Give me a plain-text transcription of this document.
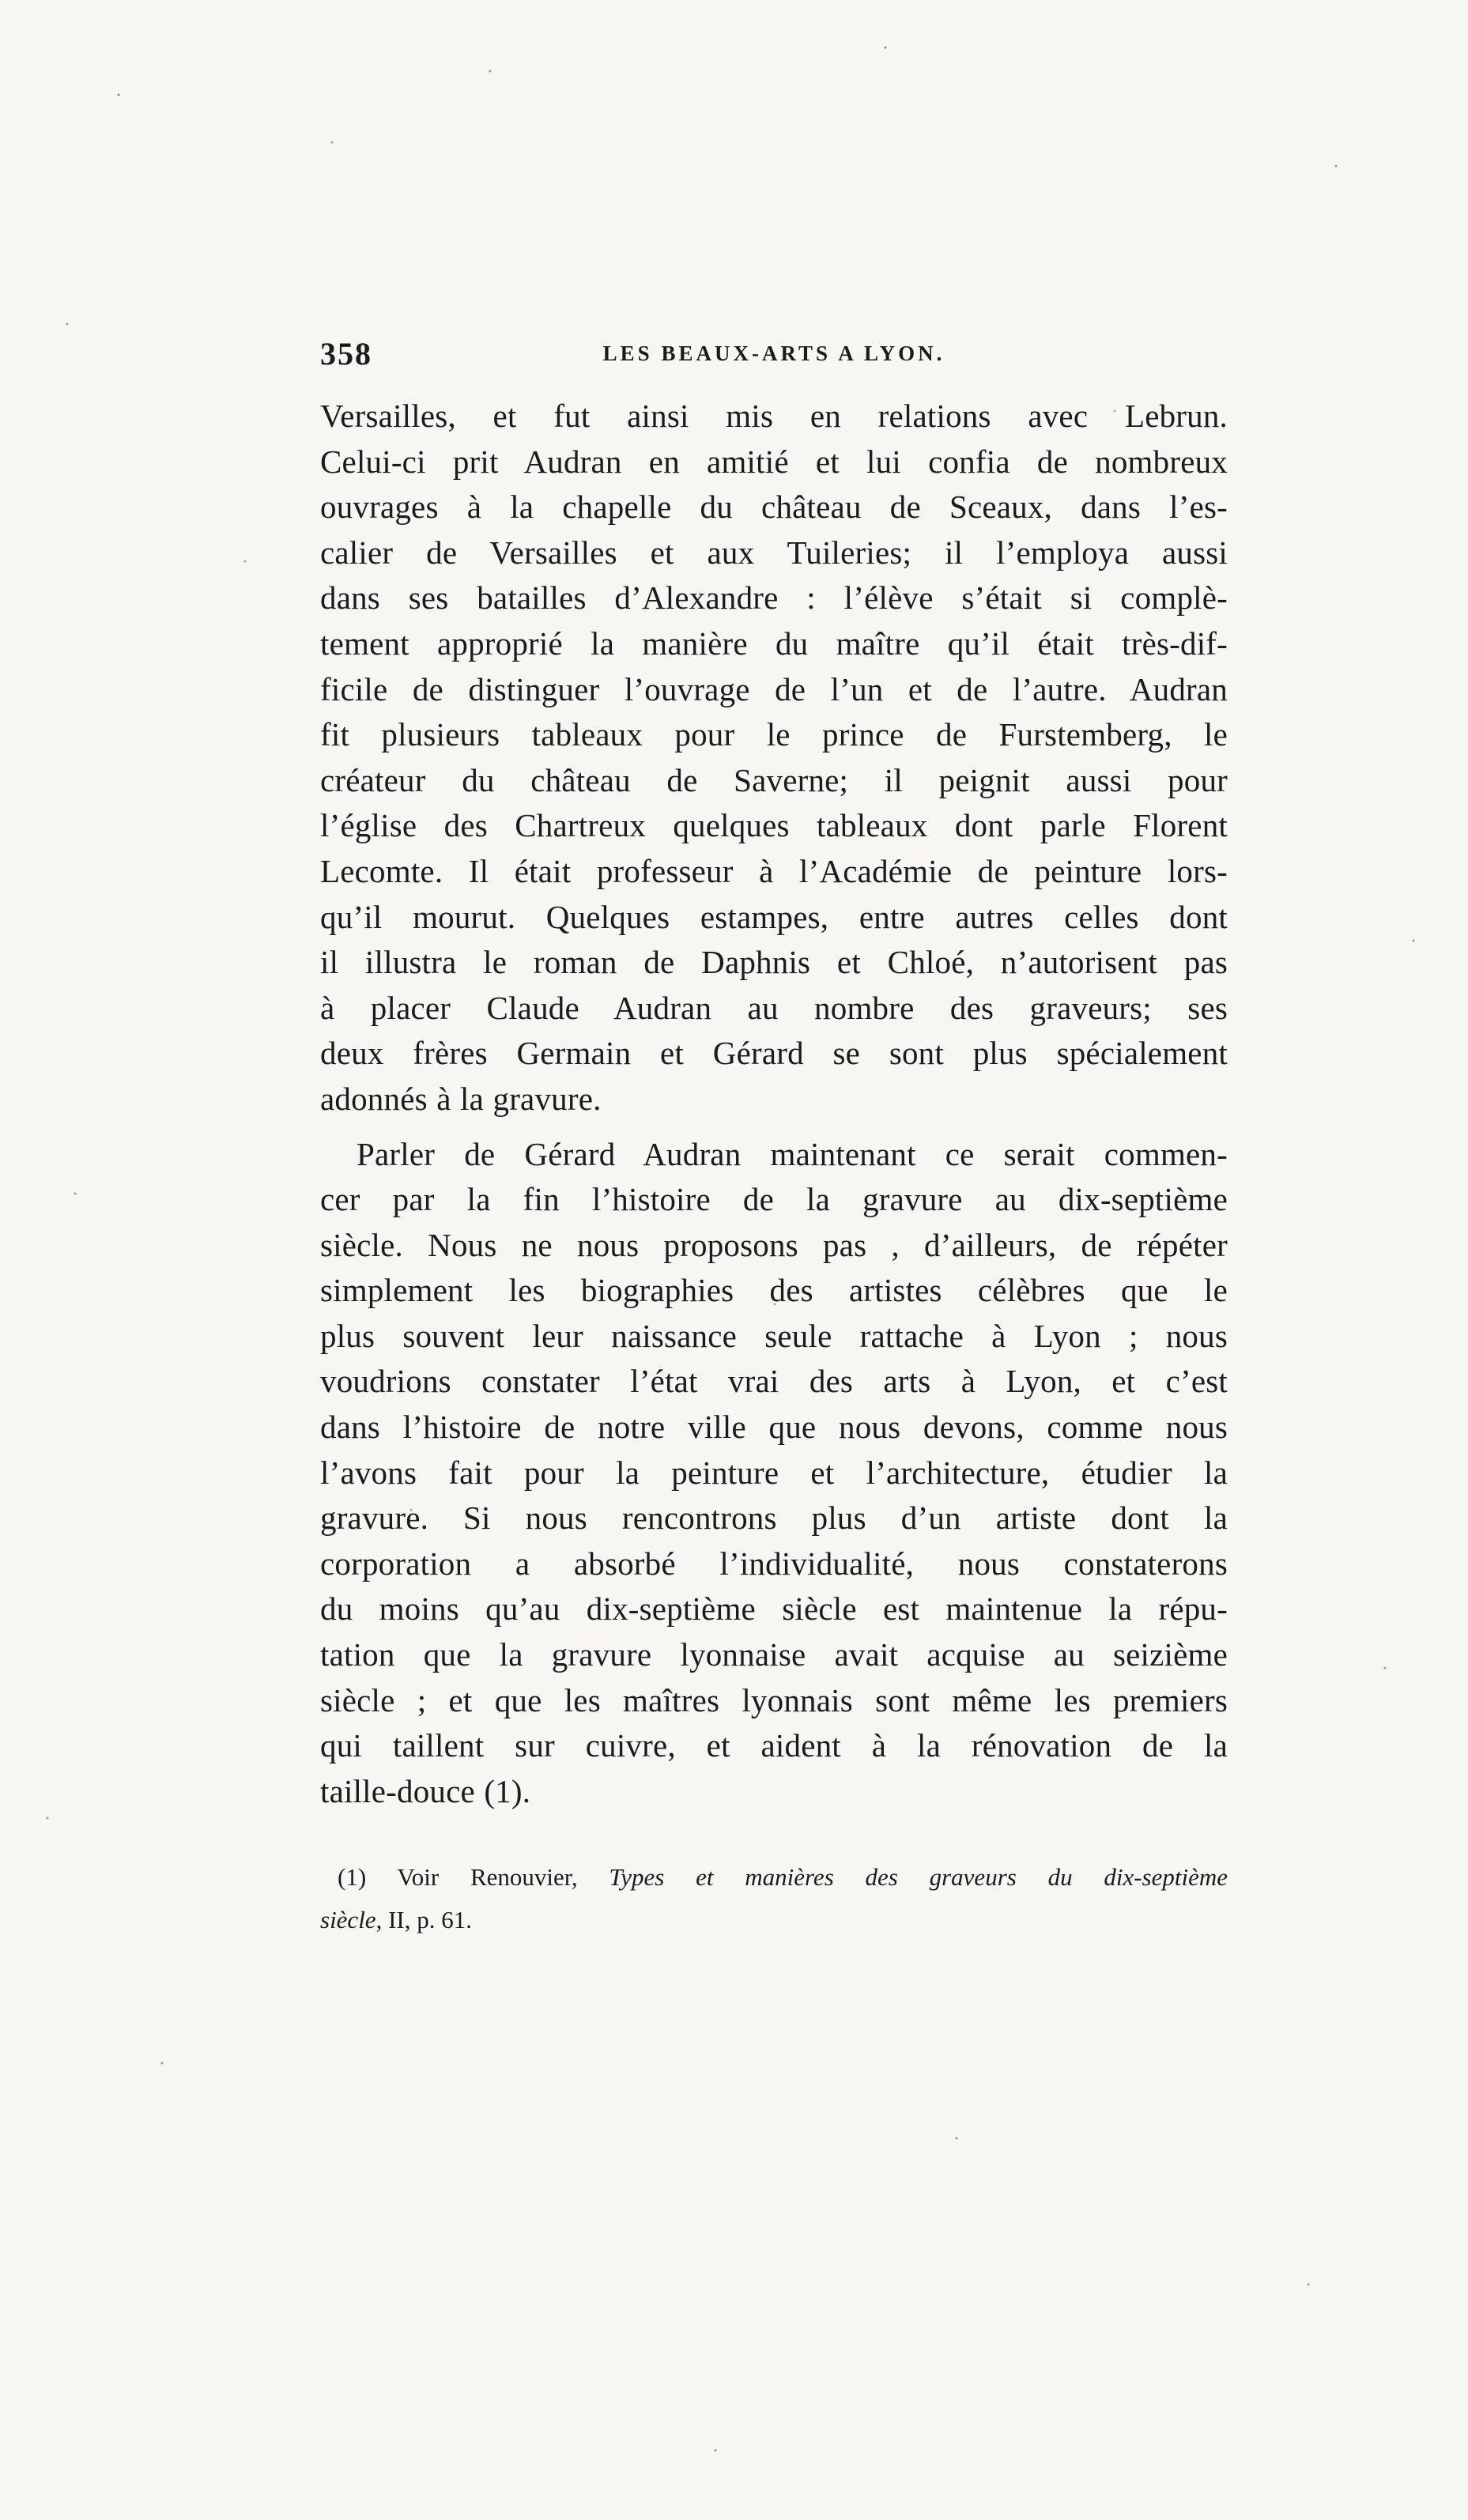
358	LES BEAUX-ARTS A LYON.
Versailles, et fut ainsi mis en relations avec Lebrun.
Celui-ci prit Audran en amitié et lui confia de nombreux
ouvrages à la chapelle du château de Sceaux, dans l’es-
calier de Versailles et aux Tuileries; il l’employa aussi
dans ses batailles d’Alexandre : l’élève s’était si complè-
tement approprié la manière du maître qu’il était très-dif-
ficile de distinguer l’ouvrage de l’un et de l’autre. Audran
fit plusieurs tableaux pour le prince de Furstemberg, le
créateur du château de Saverne; il peignit aussi pour
l’église des Chartreux quelques tableaux dont parle Florent
Lecomte. Il était professeur à l’Académie de peinture lors-
qu’il mourut. Quelques estampes, entre autres celles dont
il illustra le roman de Daphnis et Chloé, n’autorisent pas
à placer Claude Audran au nombre des graveurs; ses
deux frères Germain et Gérard se sont plus spécialement
adonnés à la gravure.
Parler de Gérard Audran maintenant ce serait commen-
cer par la fin l’histoire de la gravure au dix-septième
siècle. Nous ne nous proposons pas , d’ailleurs, de répéter
simplement les biographies des artistes célèbres que le
plus souvent leur naissance seule rattache à Lyon ; nous
voudrions constater l’état vrai des arts à Lyon, et c’est
dans l’histoire de notre ville que nous devons, comme nous
l’avons fait pour la peinture et l’architecture, étudier la
gravure. Si nous rencontrons plus d’un artiste dont la
corporation a absorbé l’individualité, nous constaterons
du moins qu’au dix-septième siècle est maintenue la répu-
tation que la gravure lyonnaise avait acquise au seizième
siècle ; et que les maîtres lyonnais sont même les premiers
qui taillent sur cuivre, et aident à la rénovation de la
taille-douce (1).
(1) Voir Renouvier, Types et manières des graveurs du dix-septième
siècle, II, p. 61.
